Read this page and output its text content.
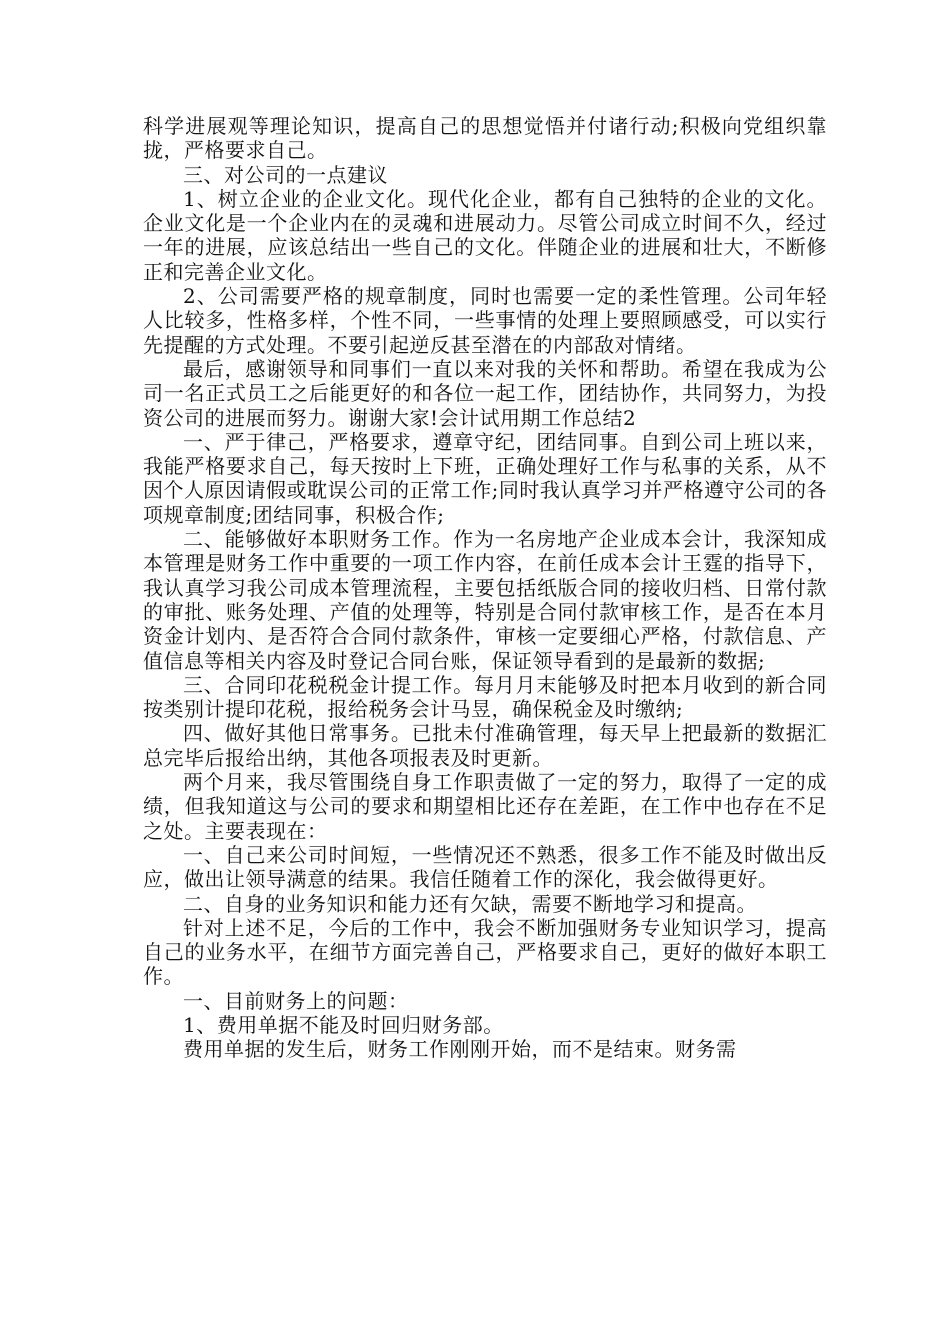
科学进展观等理论知识，提高自己的思想觉悟并付诸行动;积极向党组织靠拢，严格要求自己。

三、对公司的一点建议

1、树立企业的企业文化。现代化企业，都有自己独特的企业的文化。企业文化是一个企业内在的灵魂和进展动力。尽管公司成立时间不久，经过一年的进展，应该总结出一些自己的文化。伴随企业的进展和壮大，不断修正和完善企业文化。

2、公司需要严格的规章制度，同时也需要一定的柔性管理。公司年轻人比较多，性格多样，个性不同，一些事情的处理上要照顾感受，可以实行先提醒的方式处理。不要引起逆反甚至潜在的内部敌对情绪。

最后，感谢领导和同事们一直以来对我的关怀和帮助。希望在我成为公司一名正式员工之后能更好的和各位一起工作，团结协作，共同努力，为投资公司的进展而努力。谢谢大家!会计试用期工作总结2

一、严于律己，严格要求，遵章守纪，团结同事。自到公司上班以来，我能严格要求自己，每天按时上下班，正确处理好工作与私事的关系，从不因个人原因请假或耽误公司的正常工作;同时我认真学习并严格遵守公司的各项规章制度;团结同事，积极合作;

二、能够做好本职财务工作。作为一名房地产企业成本会计，我深知成本管理是财务工作中重要的一项工作内容，在前任成本会计王霆的指导下，我认真学习我公司成本管理流程，主要包括纸版合同的接收归档、日常付款的审批、账务处理、产值的处理等，特别是合同付款审核工作，是否在本月资金计划内、是否符合合同付款条件，审核一定要细心严格，付款信息、产值信息等相关内容及时登记合同台账，保证领导看到的是最新的数据;

三、合同印花税税金计提工作。每月月末能够及时把本月收到的新合同按类别计提印花税，报给税务会计马昱，确保税金及时缴纳;

四、做好其他日常事务。已批未付准确管理，每天早上把最新的数据汇总完毕后报给出纳，其他各项报表及时更新。

两个月来，我尽管围绕自身工作职责做了一定的努力，取得了一定的成绩，但我知道这与公司的要求和期望相比还存在差距，在工作中也存在不足之处。主要表现在：

一、自己来公司时间短，一些情况还不熟悉，很多工作不能及时做出反应，做出让领导满意的结果。我信任随着工作的深化，我会做得更好。

二、自身的业务知识和能力还有欠缺，需要不断地学习和提高。

针对上述不足，今后的工作中，我会不断加强财务专业知识学习，提高自己的业务水平，在细节方面完善自己，严格要求自己，更好的做好本职工作。

一、目前财务上的问题：

1、费用单据不能及时回归财务部。

费用单据的发生后，财务工作刚刚开始，而不是结束。财务需
